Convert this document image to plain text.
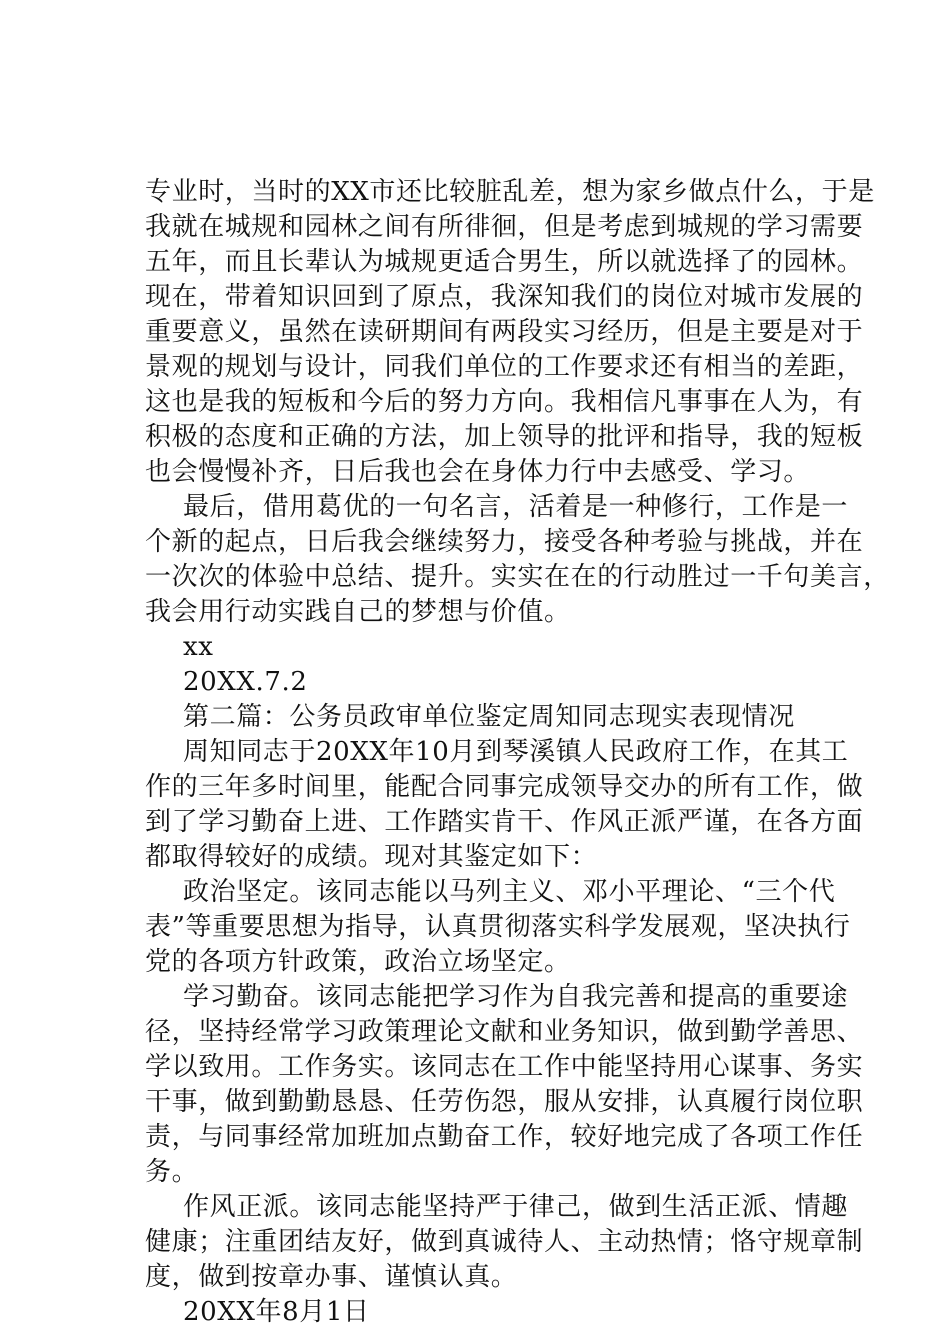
专业时，当时的XX市还比较脏乱差，想为家乡做点什么，于是
我就在城规和园林之间有所徘徊，但是考虑到城规的学习需要
五年，而且长辈认为城规更适合男生，所以就选择了的园林。
现在，带着知识回到了原点，我深知我们的岗位对城市发展的
重要意义，虽然在读研期间有两段实习经历，但是主要是对于
景观的规划与设计，同我们单位的工作要求还有相当的差距，
这也是我的短板和今后的努力方向。我相信凡事事在人为，有
积极的态度和正确的方法，加上领导的批评和指导，我的短板
也会慢慢补齐，日后我也会在身体力行中去感受、学习。
最后，借用葛优的一句名言，活着是一种修行，工作是一
个新的起点，日后我会继续努力，接受各种考验与挑战，并在
一次次的体验中总结、提升。实实在在的行动胜过一千句美言，
我会用行动实践自己的梦想与价值。
xx
20XX.7.2
第二篇：公务员政审单位鉴定周知同志现实表现情况
周知同志于20XX年10月到琴溪镇人民政府工作，在其工
作的三年多时间里，能配合同事完成领导交办的所有工作，做
到了学习勤奋上进、工作踏实肯干、作风正派严谨，在各方面
都取得较好的成绩。现对其鉴定如下：
政治坚定。该同志能以马列主义、邓小平理论、“三个代
表”等重要思想为指导，认真贯彻落实科学发展观，坚决执行
党的各项方针政策，政治立场坚定。
学习勤奋。该同志能把学习作为自我完善和提高的重要途
径，坚持经常学习政策理论文献和业务知识，做到勤学善思、
学以致用。工作务实。该同志在工作中能坚持用心谋事、务实
干事，做到勤勤恳恳、任劳伤怨，服从安排，认真履行岗位职
责，与同事经常加班加点勤奋工作，较好地完成了各项工作任
务。
作风正派。该同志能坚持严于律己，做到生活正派、情趣
健康；注重团结友好，做到真诚待人、主动热情；恪守规章制
度，做到按章办事、谨慎认真。
20XX年8月1日
